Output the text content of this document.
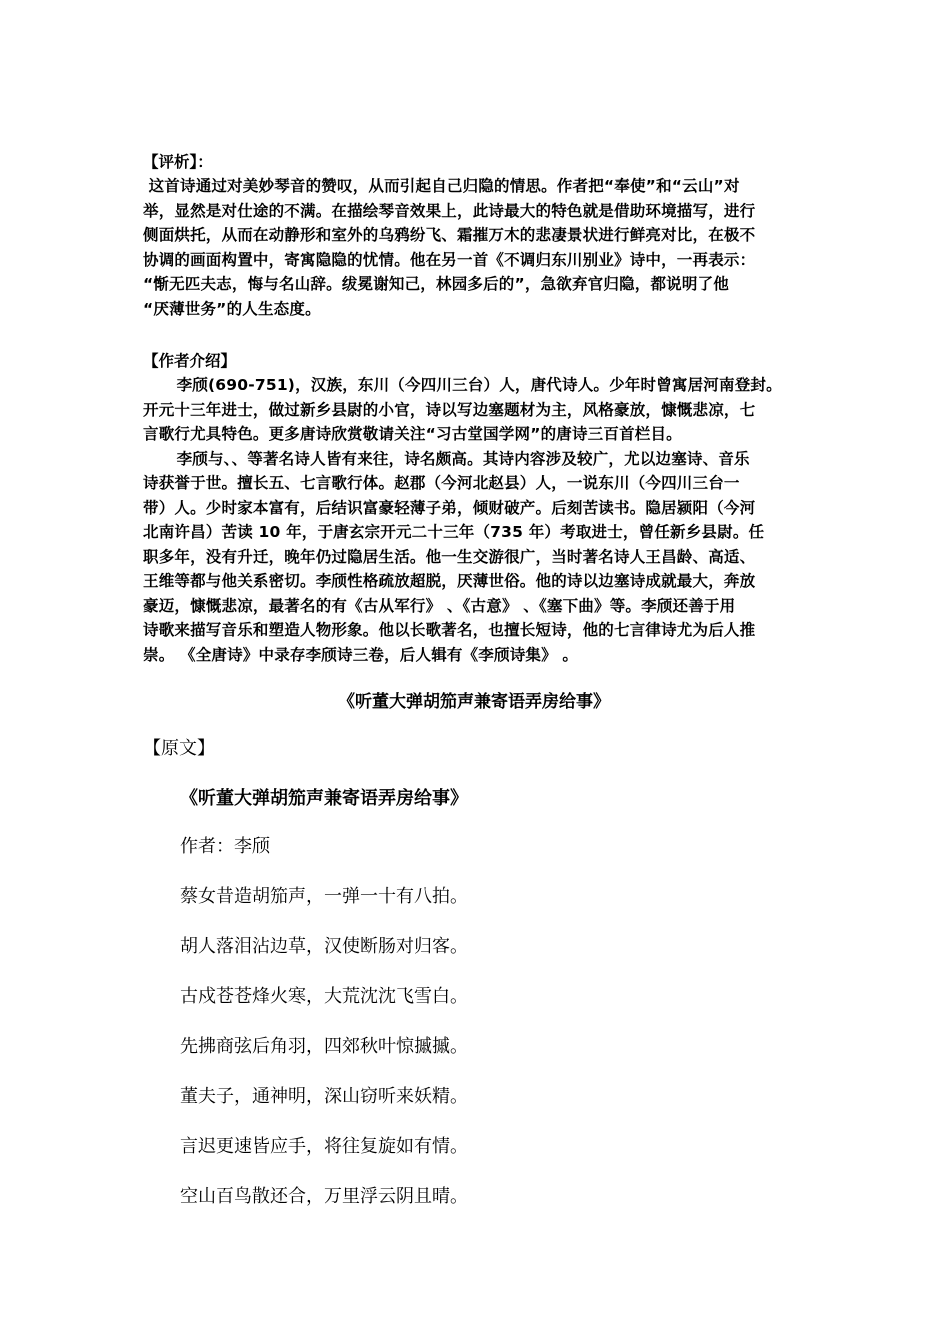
【评析】：
这首诗通过对美妙琴音的赞叹，从而引起自己归隐的情思。作者把“奉使”和“云山”对
举，显然是对仕途的不满。在描绘琴音效果上，此诗最大的特色就是借助环境描写，进行
侧面烘托，从而在动静形和室外的乌鸦纷飞、霜摧万木的悲凄景状进行鲜亮对比，在极不
协调的画面构置中，寄寓隐隐的忧情。他在另一首《不调归东川别业》诗中，一再表示：
“惭无匹夫志，悔与名山辞。绂冕谢知己，林园多后的”，急欲弃官归隐，都说明了他
“厌薄世务”的人生态度。
【作者介绍】
李颀(690-751)，汉族，东川（今四川三台）人，唐代诗人。少年时曾寓居河南登封。
开元十三年进士，做过新乡县尉的小官，诗以写边塞题材为主，风格豪放，慷慨悲凉，七
言歌行尤具特色。更多唐诗欣赏敬请关注“习古堂国学网”的唐诗三百首栏目。
李颀与、、等著名诗人皆有来往，诗名颇高。其诗内容涉及较广，尤以边塞诗、音乐
诗获誉于世。擅长五、七言歌行体。赵郡（今河北赵县）人，一说东川（今四川三台一
带）人。少时家本富有，后结识富豪轻薄子弟，倾财破产。后刻苦读书。隐居颍阳（今河
北南许昌）苦读 10 年，于唐玄宗开元二十三年（735 年）考取进士，曾任新乡县尉。任
职多年，没有升迁，晚年仍过隐居生活。他一生交游很广，当时著名诗人王昌龄、高适、
王维等都与他关系密切。李颀性格疏放超脱，厌薄世俗。他的诗以边塞诗成就最大，奔放
豪迈，慷慨悲凉，最著名的有《古从军行》 、《古意》 、《塞下曲》等。李颀还善于用
诗歌来描写音乐和塑造人物形象。他以长歌著名，也擅长短诗，他的七言律诗尤为后人推
崇。 《全唐诗》中录存李颀诗三卷，后人辑有《李颀诗集》 。
《听董大弹胡笳声兼寄语弄房给事》
【原文】
《听董大弹胡笳声兼寄语弄房给事》
作者：李颀
蔡女昔造胡笳声，一弹一十有八拍。
胡人落泪沾边草，汉使断肠对归客。
古戍苍苍烽火寒，大荒沈沈飞雪白。
先拂商弦后角羽，四郊秋叶惊摵摵。
董夫子，通神明，深山窃听来妖精。
言迟更速皆应手，将往复旋如有情。
空山百鸟散还合，万里浮云阴且晴。
